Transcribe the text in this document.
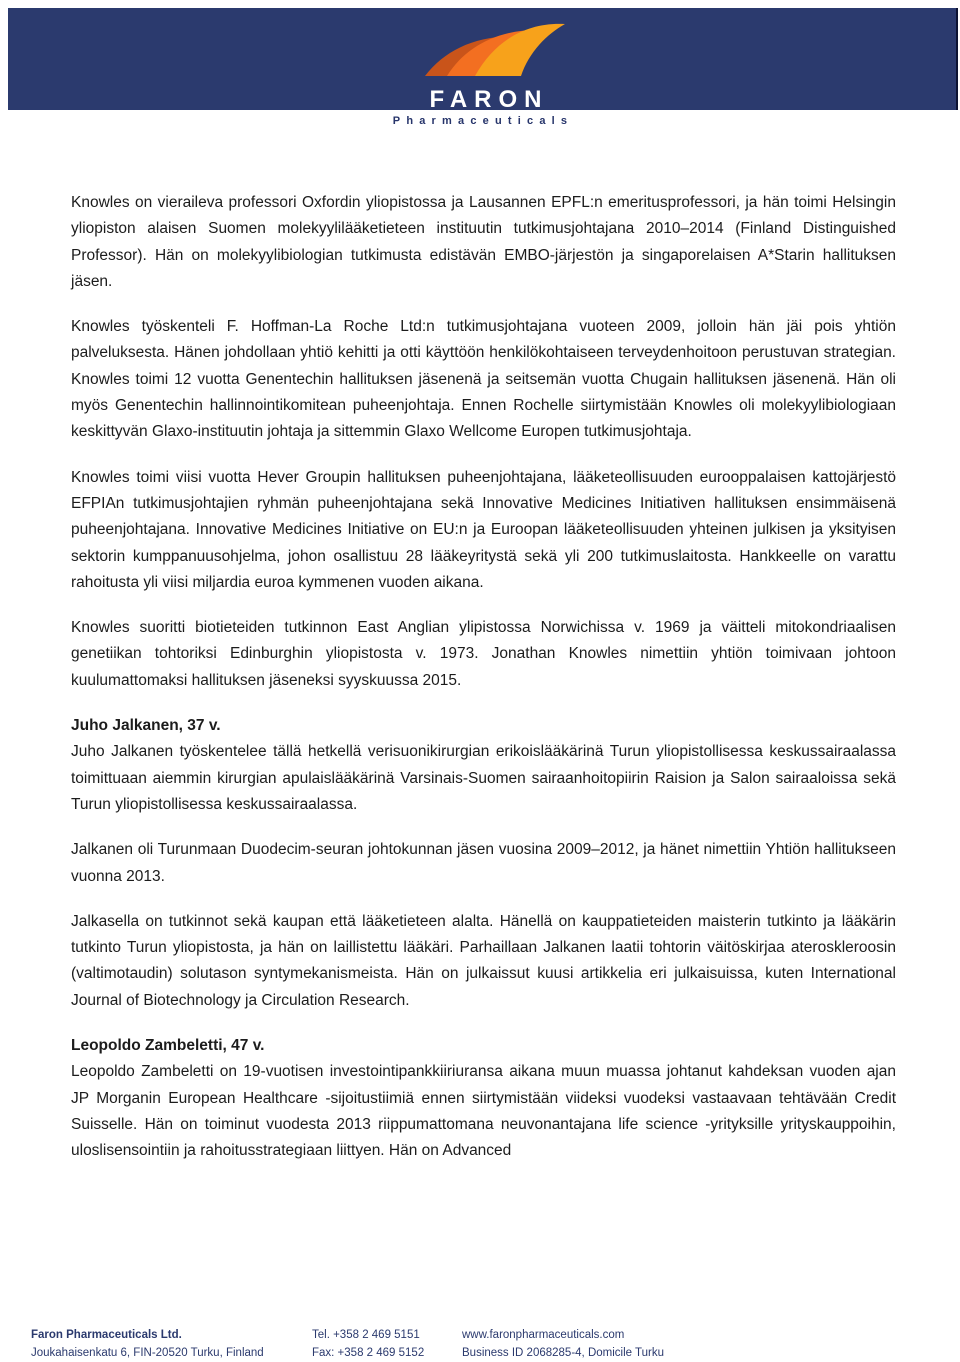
FARON
Pharmaceuticals

Knowles on vieraileva professori Oxfordin yliopistossa ja Lausannen EPFL:n emeritusprofessori, ja hän toimi Helsingin yliopiston alaisen Suomen molekyylilääketieteen instituutin tutkimusjohtajana 2010–2014 (Finland Distinguished Professor). Hän on molekyylibiologian tutkimusta edistävän EMBO-järjestön ja singaporelaisen A*Starin hallituksen jäsen.

Knowles työskenteli F. Hoffman-La Roche Ltd:n tutkimusjohtajana vuoteen 2009, jolloin hän jäi pois yhtiön palveluksesta. Hänen johdollaan yhtiö kehitti ja otti käyttöön henkilökohtaiseen terveydenhoitoon perustuvan strategian. Knowles toimi 12 vuotta Genentechin hallituksen jäsenenä ja seitsemän vuotta Chugain hallituksen jäsenenä. Hän oli myös Genentechin hallinnointikomitean puheenjohtaja. Ennen Rochelle siirtymistään Knowles oli molekyylibiologiaan keskittyvän Glaxo-instituutin johtaja ja sittemmin Glaxo Wellcome Europen tutkimusjohtaja.

Knowles toimi viisi vuotta Hever Groupin hallituksen puheenjohtajana, lääketeollisuuden eurooppalaisen kattojärjestö EFPIAn tutkimusjohtajien ryhmän puheenjohtajana sekä Innovative Medicines Initiativen hallituksen ensimmäisenä puheenjohtajana. Innovative Medicines Initiative on EU:n ja Euroopan lääketeollisuuden yhteinen julkisen ja yksityisen sektorin kumppanuusohjelma, johon osallistuu 28 lääkeyritystä sekä yli 200 tutkimuslaitosta. Hankkeelle on varattu rahoitusta yli viisi miljardia euroa kymmenen vuoden aikana.

Knowles suoritti biotieteiden tutkinnon East Anglian ylipistossa Norwichissa v. 1969 ja väitteli mitokondriaalisen genetiikan tohtoriksi Edinburghin yliopistosta v. 1973. Jonathan Knowles nimettiin yhtiön toimivaan johtoon kuulumattomaksi hallituksen jäseneksi syyskuussa 2015.

Juho Jalkanen, 37 v.

Juho Jalkanen työskentelee tällä hetkellä verisuonikirurgian erikoislääkärinä Turun yliopistollisessa keskussairaalassa toimittuaan aiemmin kirurgian apulaislääkärinä Varsinais-Suomen sairaanhoitopiirin Raision ja Salon sairaaloissa sekä Turun yliopistollisessa keskussairaalassa.

Jalkanen oli Turunmaan Duodecim-seuran johtokunnan jäsen vuosina 2009–2012, ja hänet nimettiin Yhtiön hallitukseen vuonna 2013.

Jalkasella on tutkinnot sekä kaupan että lääketieteen alalta. Hänellä on kauppatieteiden maisterin tutkinto ja lääkärin tutkinto Turun yliopistosta, ja hän on laillistettu lääkäri. Parhaillaan Jalkanen laatii tohtorin väitöskirjaa ateroskleroosin (valtimotaudin) solutason syntymekanismeista. Hän on julkaissut kuusi artikkelia eri julkaisuissa, kuten International Journal of Biotechnology ja Circulation Research.

Leopoldo Zambeletti, 47 v.

Leopoldo Zambeletti on 19-vuotisen investointipankkiiriuransa aikana muun muassa johtanut kahdeksan vuoden ajan JP Morganin European Healthcare -sijoitustiimiä ennen siirtymistään viideksi vuodeksi vastaavaan tehtävään Credit Suisselle. Hän on toiminut vuodesta 2013 riippumattomana neuvonantajana life science -yrityksille yrityskauppoihin, uloslisensointiin ja rahoitusstrategiaan liittyen. Hän on Advanced

Faron Pharmaceuticals Ltd.
Joukahaisenkatu 6, FIN-20520 Turku, Finland
Tel. +358 2 469 5151
Fax: +358 2 469 5152
www.faronpharmaceuticals.com
Business ID 2068285-4, Domicile Turku
